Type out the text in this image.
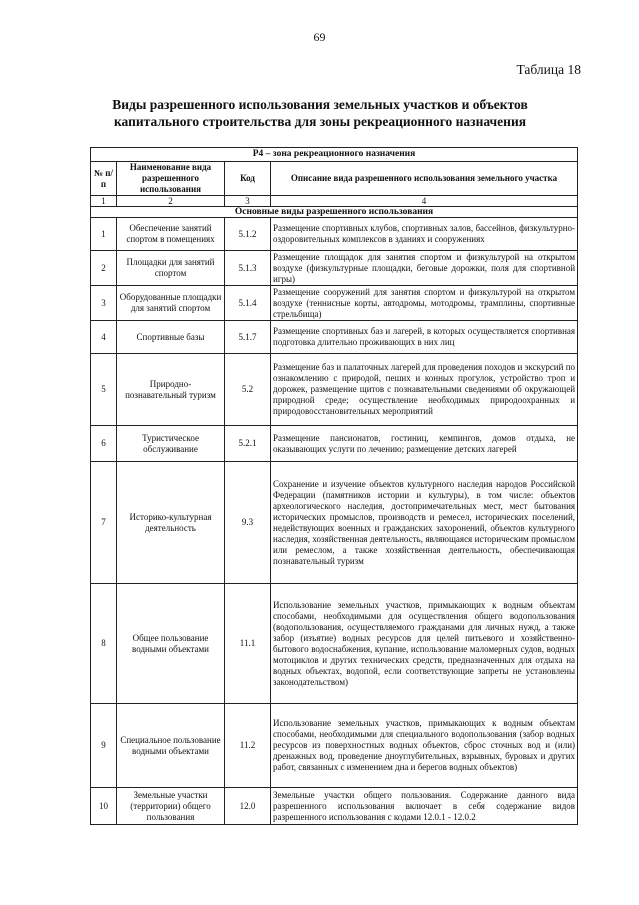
69
Таблица 18
Виды разрешенного использования земельных участков и объектов капитального строительства для зоны рекреационного назначения
Р4 – зона рекреационного назначения			
№ п/п	Наименование вида разрешенного использования	Код	Описание вида разрешенного использования земельного участка
1	2	3	4
Основные виды разрешенного использования			
1	Обеспечение занятий спортом в помещениях	5.1.2	Размещение спортивных клубов, спортивных залов, бассейнов, физкультурно-оздоровительных комплексов в зданиях и сооружениях
2	Площадки для занятий спортом	5.1.3	Размещение площадок для занятия спортом и физкультурой на открытом воздухе (физкультурные площадки, беговые дорожки, поля для спортивной игры)
3	Оборудованные площадки для занятий спортом	5.1.4	Размещение сооружений для занятия спортом и физкультурой на открытом воздухе (теннисные корты, автодромы, мотодромы, трамплины, спортивные стрельбища)
4	Спортивные базы	5.1.7	Размещение спортивных баз и лагерей, в которых осуществляется спортивная подготовка длительно проживающих в них лиц
5	Природно-познавательный туризм	5.2	Размещение баз и палаточных лагерей для проведения походов и экскурсий по ознакомлению с природой, пеших и конных прогулок, устройство троп и дорожек, размещение щитов с познавательными сведениями об окружающей природной среде; осуществление необходимых природоохранных и природовосстановительных мероприятий
6	Туристическое обслуживание	5.2.1	Размещение пансионатов, гостиниц, кемпингов, домов отдыха, не оказывающих услуги по лечению; размещение детских лагерей
7	Историко-культурная деятельность	9.3	Сохранение и изучение объектов культурного наследия народов Российской Федерации (памятников истории и культуры), в том числе: объектов археологического наследия, достопримечательных мест, мест бытования исторических промыслов, производств и ремесел, исторических поселений, недействующих военных и гражданских захоронений, объектов культурного наследия, хозяйственная деятельность, являющаяся историческим промыслом или ремеслом, а также хозяйственная деятельность, обеспечивающая познавательный туризм
8	Общее пользование водными объектами	11.1	Использование земельных участков, примыкающих к водным объектам способами, необходимыми для осуществления общего водопользования (водопользования, осуществляемого гражданами для личных нужд, а также забор (изъятие) водных ресурсов для целей питьевого и хозяйственно-бытового водоснабжения, купание, использование маломерных судов, водных мотоциклов и других технических средств, предназначенных для отдыха на водных объектах, водопой, если соответствующие запреты не установлены законодательством)
9	Специальное пользование водными объектами	11.2	Использование земельных участков, примыкающих к водным объектам способами, необходимыми для специального водопользования (забор водных ресурсов из поверхностных водных объектов, сброс сточных вод и (или) дренажных вод, проведение дноуглубительных, взрывных, буровых и других работ, связанных с изменением дна и берегов водных объектов)
10	Земельные участки (территории) общего пользования	12.0	Земельные участки общего пользования. Содержание данного вида разрешенного использования включает в себя содержание видов разрешенного использования с кодами 12.0.1 - 12.0.2
